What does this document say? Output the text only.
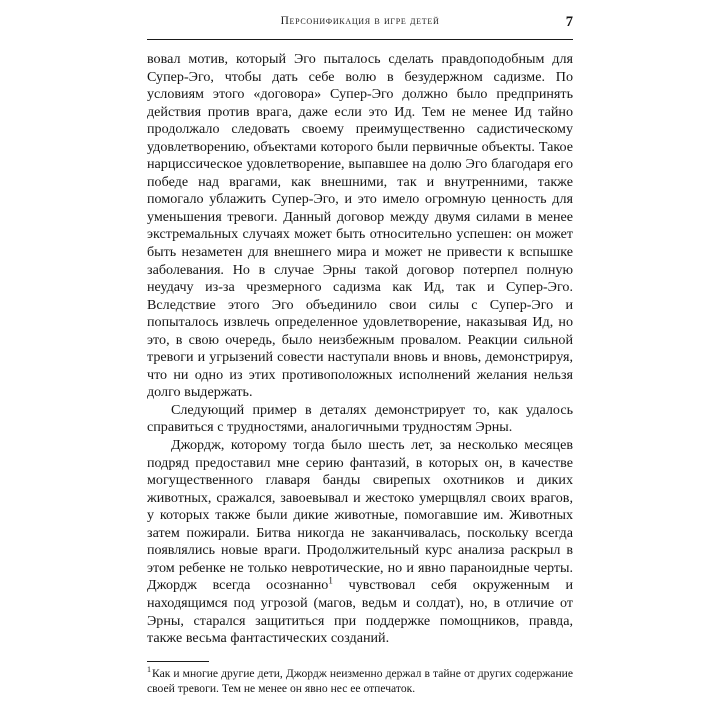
Персонификация в игре детей	7

вовал мотив, который Эго пыталось сделать правдоподобным для Супер-Эго, чтобы дать себе волю в безудержном садизме. По условиям этого «договора» Супер-Эго должно было предпринять действия против врага, даже если это Ид. Тем не менее Ид тайно продолжало следовать своему преимущественно садистическому удовлетворению, объектами которого были первичные объекты. Такое нарциссическое удовлетворение, выпавшее на долю Эго благодаря его победе над врагами, как внешними, так и внутренними, также помогало ублажить Супер-Эго, и это имело огромную ценность для уменьшения тревоги. Данный договор между двумя силами в менее экстремальных случаях может быть относительно успешен: он может быть незаметен для внешнего мира и может не привести к вспышке заболевания. Но в случае Эрны такой договор потерпел полную неудачу из-за чрезмерного садизма как Ид, так и Супер-Эго. Вследствие этого Эго объединило свои силы с Супер-Эго и попыталось извлечь определенное удовлетворение, наказывая Ид, но это, в свою очередь, было неизбежным провалом. Реакции сильной тревоги и угрызений совести наступали вновь и вновь, демонстрируя, что ни одно из этих противоположных исполнений желания нельзя долго выдержать.

Следующий пример в деталях демонстрирует то, как удалось справиться с трудностями, аналогичными трудностям Эрны.

Джордж, которому тогда было шесть лет, за несколько месяцев подряд предоставил мне серию фантазий, в которых он, в качестве могущественного главаря банды свирепых охотников и диких животных, сражался, завоевывал и жестоко умерщвлял своих врагов, у которых также были дикие животные, помогавшие им. Животных затем пожирали. Битва никогда не заканчивалась, поскольку всегда появлялись новые враги. Продолжительный курс анализа раскрыл в этом ребенке не только невротические, но и явно параноидные черты. Джордж всегда осознанно$^1$ чувствовал себя окруженным и находящимся под угрозой (магов, ведьм и солдат), но, в отличие от Эрны, старался защититься при поддержке помощников, правда, также весьма фантастических созданий.

$^1$Как и многие другие дети, Джордж неизменно держал в тайне от других содержание своей тревоги. Тем не менее он явно нес ее отпечаток.
